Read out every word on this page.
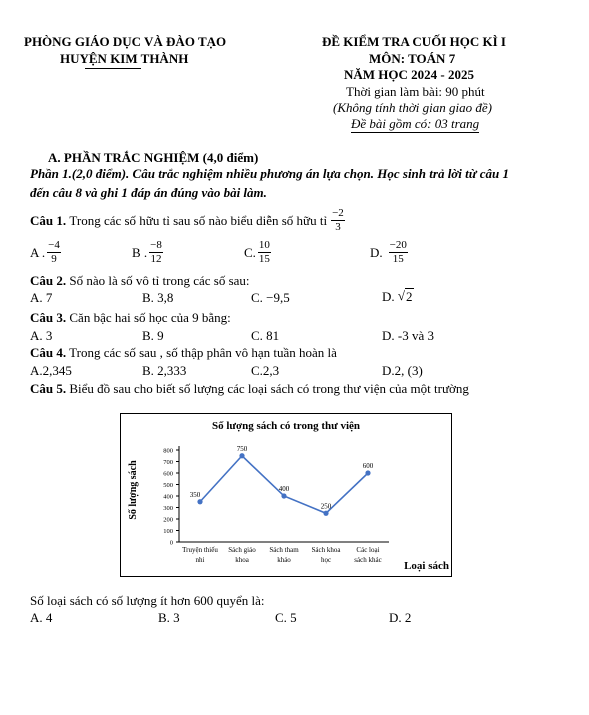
PHÒNG GIÁO DỤC VÀ ĐÀO TẠO
HUYỆN KIM THÀNH
ĐỀ KIỂM TRA CUỐI HỌC KÌ I
MÔN: TOÁN 7
NĂM HỌC 2024 - 2025
Thời gian làm bài: 90 phút
(Không tính thời gian giao đề)
Đề bài gồm có: 03 trang
A. PHẦN TRẮC NGHIỆM (4,0 điểm)
Phần 1.(2,0 điểm). Câu trắc nghiệm nhiều phương án lựa chọn. Học sinh trả lời từ câu 1
đến câu 8 và ghi 1 đáp án đúng vào bài làm.
Câu 1.
Trong các số hữu tỉ sau số nào biểu diễn số hữu tỉ $\frac{-2}{3}$
A . $\frac{-4}{9}$	B . $\frac{-8}{12}$	C. $\frac{10}{15}$	D. $\frac{-20}{15}$
Câu 2. Số nào là số vô tỉ trong các số sau:
A. 7	B. 3,8	C. −9,5	D.
√ 2
Câu 3. Căn bậc hai số học của 9 bằng:
A. 3	B. 9	C. 81	D. -3 và 3
Câu 4. Trong các số sau , số thập phân vô hạn tuần hoàn là
A.2,345	B. 2,333	C.2,3	D.2, (3)
Câu 5. Biểu đồ sau cho biết số lượng các loại sách có trong thư viện của một trường
Số lượng sách có trong thư viện
Số lượng sách
Loại sách
0
100
200
300
400
500
600
700
800
Truyện thiếu nhi
Sách giáo khoa
Sách tham khảo
Sách khoa học
Các loại sách khác
350
750
400
250
600
Số loại sách có số lượng ít hơn 600 quyển là:
A. 4	B. 3	C. 5	D. 2
